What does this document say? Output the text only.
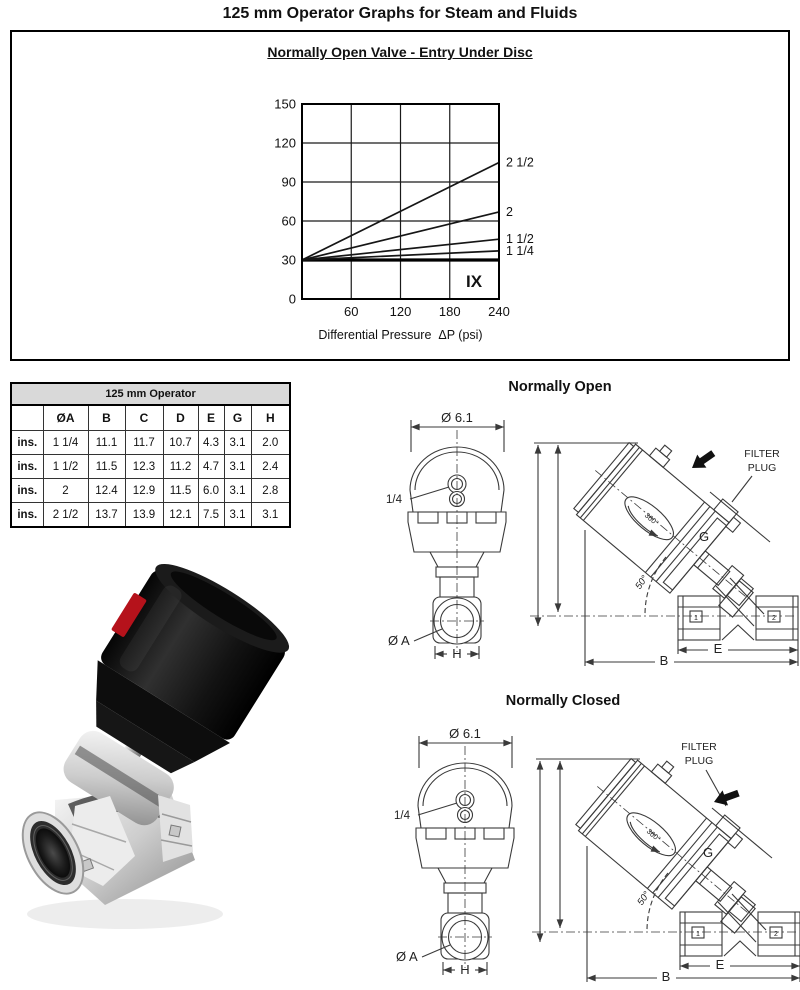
125 mm Operator Graphs for Steam and Fluids
Normally Open Valve - Entry Under Disc
2 1/2
2
1 1/2
1 1/4
0
30
60
90
120
150
60 120 180 240
IX
Differential Pressure  ΔP (psi)
125 mm Operator							
	ØA	B	C	D	E	G	H
ins.	1 1/4	11.1	11.7	10.7	4.3	3.1	2.0
ins.	1 1/2	11.5	12.3	11.2	4.7	3.1	2.4
ins.	2	12.4	12.9	11.5	6.0	3.1	2.8
ins.	2 1/2	13.7	13.9	12.1	7.5	3.1	3.1
Normally Open
Ø 6.1
1/4
Ø A
H
FILTER
PLUG
G
50°
E
B
360°
1	2
Normally Closed
Ø 6.1
1/4
Ø A
H
FILTER
PLUG
G
50°
E
B
360°
1	2
